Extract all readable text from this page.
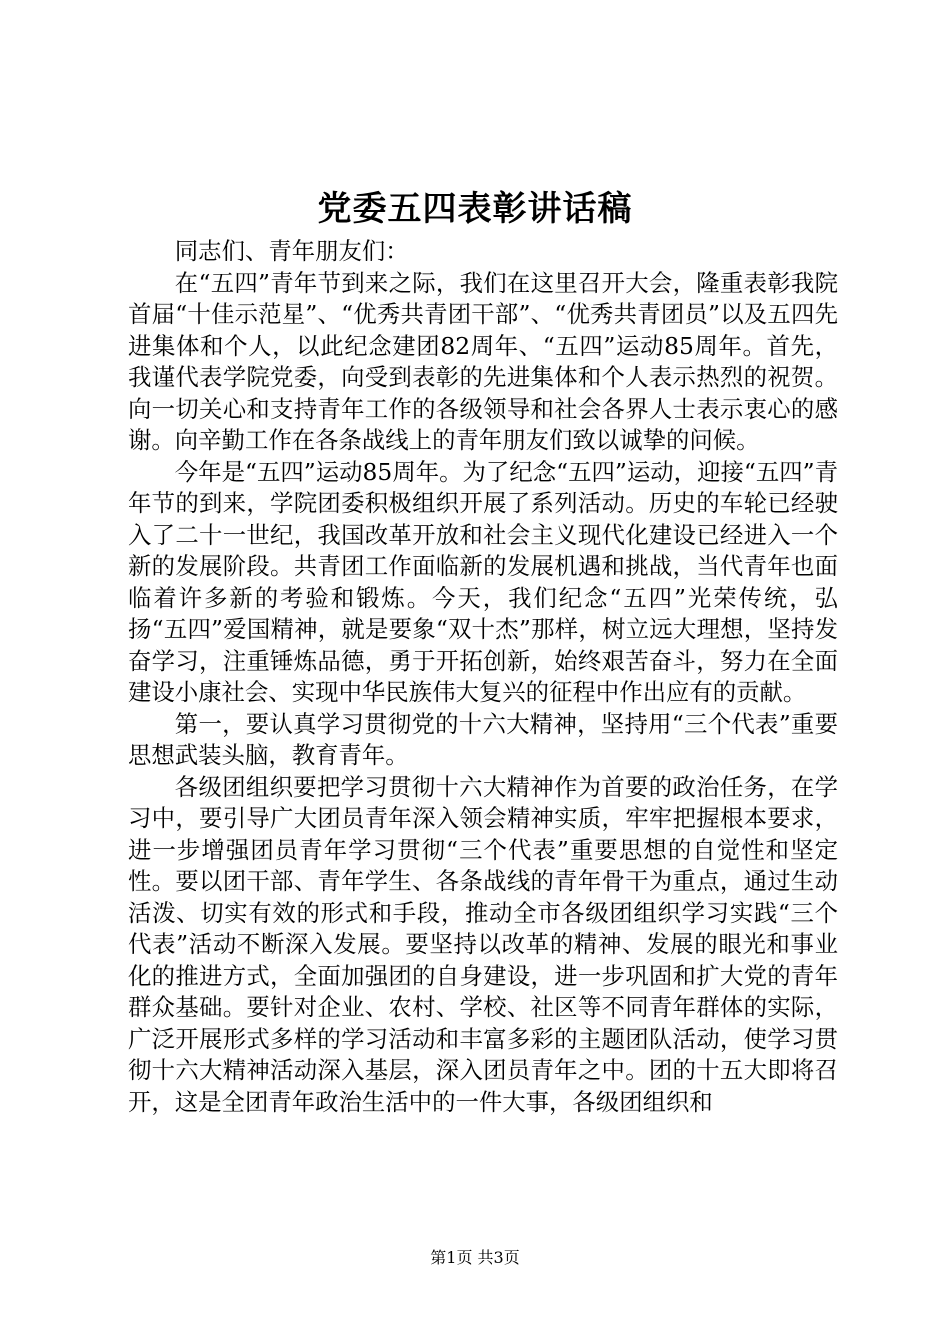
党委五四表彰讲话稿

同志们、青年朋友们：

在“五四”青年节到来之际，我们在这里召开大会，隆重表彰我院首届“十佳示范星”、“优秀共青团干部”、“优秀共青团员”以及五四先进集体和个人，以此纪念建团82周年、“五四”运动85周年。首先，我谨代表学院党委，向受到表彰的先进集体和个人表示热烈的祝贺。向一切关心和支持青年工作的各级领导和社会各界人士表示衷心的感谢。向辛勤工作在各条战线上的青年朋友们致以诚挚的问候。

今年是“五四”运动85周年。为了纪念“五四”运动，迎接“五四”青年节的到来，学院团委积极组织开展了系列活动。历史的车轮已经驶入了二十一世纪，我国改革开放和社会主义现代化建设已经进入一个新的发展阶段。共青团工作面临新的发展机遇和挑战，当代青年也面临着许多新的考验和锻炼。今天，我们纪念“五四”光荣传统，弘扬“五四”爱国精神，就是要象“双十杰”那样，树立远大理想，坚持发奋学习，注重锤炼品德，勇于开拓创新，始终艰苦奋斗，努力在全面建设小康社会、实现中华民族伟大复兴的征程中作出应有的贡献。

第一，要认真学习贯彻党的十六大精神，坚持用“三个代表”重要思想武装头脑，教育青年。

各级团组织要把学习贯彻十六大精神作为首要的政治任务，在学习中，要引导广大团员青年深入领会精神实质，牢牢把握根本要求，进一步增强团员青年学习贯彻“三个代表”重要思想的自觉性和坚定性。要以团干部、青年学生、各条战线的青年骨干为重点，通过生动活泼、切实有效的形式和手段，推动全市各级团组织学习实践“三个代表”活动不断深入发展。要坚持以改革的精神、发展的眼光和事业化的推进方式，全面加强团的自身建设，进一步巩固和扩大党的青年群众基础。要针对企业、农村、学校、社区等不同青年群体的实际，广泛开展形式多样的学习活动和丰富多彩的主题团队活动，使学习贯彻十六大精神活动深入基层，深入团员青年之中。团的十五大即将召开，这是全团青年政治生活中的一件大事，各级团组织和

第1页 共3页
